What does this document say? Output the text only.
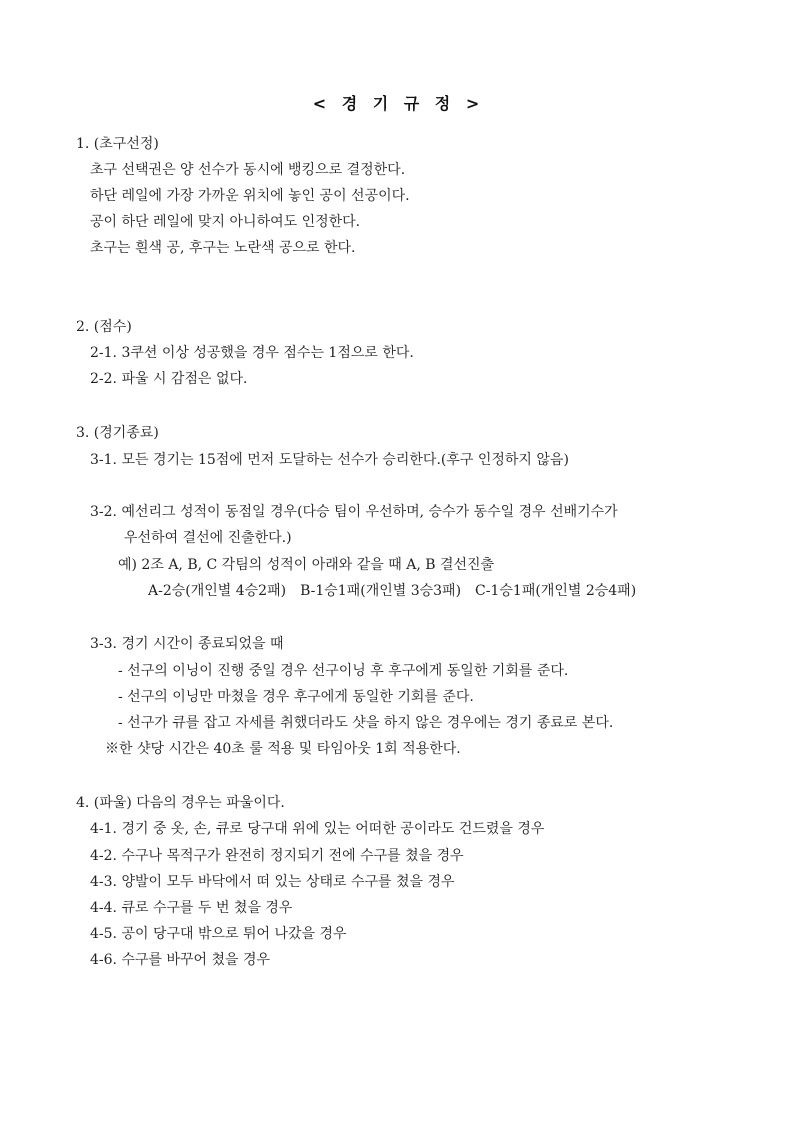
< 경 기 규 정 >
1. (초구선정)
초구 선택권은 양 선수가 동시에 뱅킹으로 결정한다.
하단 레일에 가장 가까운 위치에 놓인 공이 선공이다.
공이 하단 레일에 맞지 아니하여도 인정한다.
초구는 흰색 공, 후구는 노란색 공으로 한다.
2. (점수)
2-1. 3쿠션 이상 성공했을 경우 점수는 1점으로 한다.
2-2. 파울 시 감점은 없다.
3. (경기종료)
3-1. 모든 경기는 15점에 먼저 도달하는 선수가 승리한다.(후구 인정하지 않음)
3-2. 예선리그 성적이 동점일 경우(다승 팀이 우선하며, 승수가 동수일 경우 선배기수가
우선하여 결선에 진출한다.)
예) 2조 A, B, C 각팀의 성적이 아래와 같을 때 A, B 결선진출
A-2승(개인별 4승2패) B-1승1패(개인별 3승3패) C-1승1패(개인별 2승4패)
3-3. 경기 시간이 종료되었을 때
- 선구의 이닝이 진행 중일 경우 선구이닝 후 후구에게 동일한 기회를 준다.
- 선구의 이닝만 마쳤을 경우 후구에게 동일한 기회를 준다.
- 선구가 큐를 잡고 자세를 취했더라도 샷을 하지 않은 경우에는 경기 종료로 본다.
※한 샷당 시간은 40초 룰 적용 및 타임아웃 1회 적용한다.
4. (파울) 다음의 경우는 파울이다.
4-1. 경기 중 옷, 손, 큐로 당구대 위에 있는 어떠한 공이라도 건드렸을 경우
4-2. 수구나 목적구가 완전히 정지되기 전에 수구를 쳤을 경우
4-3. 양발이 모두 바닥에서 떠 있는 상태로 수구를 쳤을 경우
4-4. 큐로 수구를 두 번 쳤을 경우
4-5. 공이 당구대 밖으로 튀어 나갔을 경우
4-6. 수구를 바꾸어 쳤을 경우
